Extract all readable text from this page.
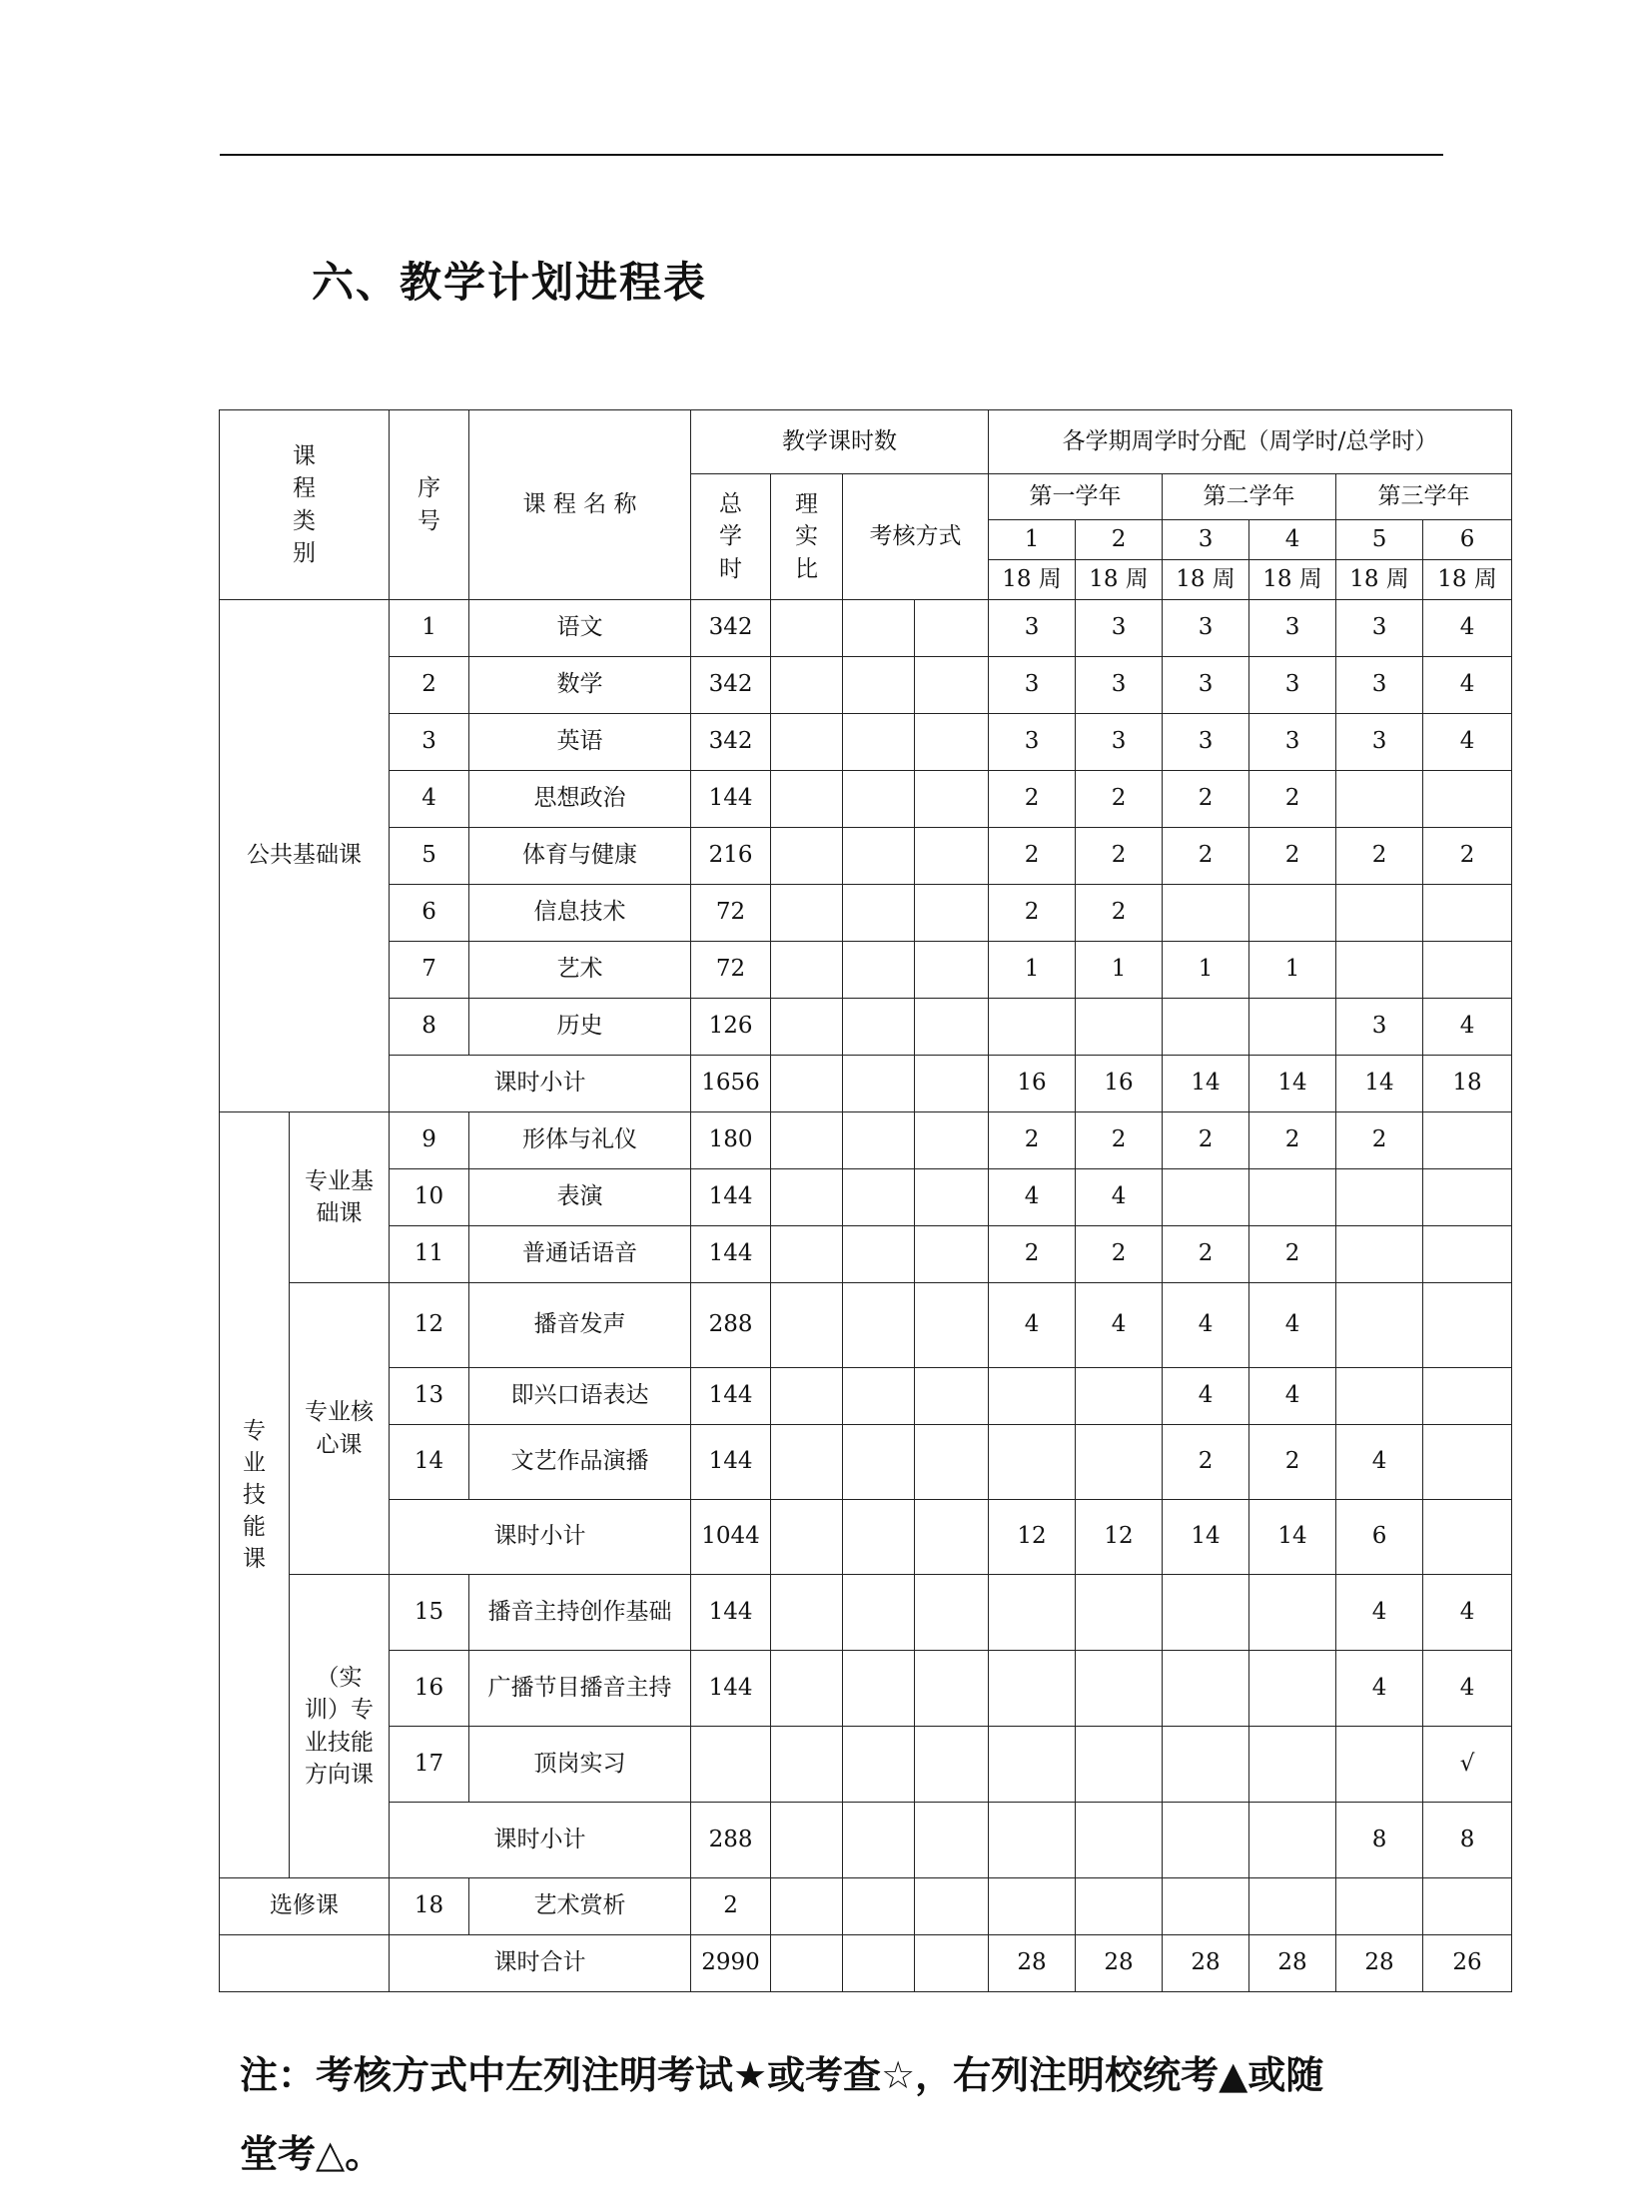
六、教学计划进程表
课程类别		序号	课 程 名 称	教学课时数				各学期周学时分配（周学时/总学时）					
				总学时	理实比	考核方式		第一学年		第二学年		第三学年	
								1	2	3	4	5	6
								18 周	18 周	18 周	18 周	18 周	18 周
公共基础课		1	语文	342				3	3	3	3	3	4
		2	数学	342				3	3	3	3	3	4
		3	英语	342				3	3	3	3	3	4
		4	思想政治	144				2	2	2	2		
		5	体育与健康	216				2	2	2	2	2	2
		6	信息技术	72				2	2				
		7	艺术	72				1	1	1	1		
		8	历史	126								3	4
		课时小计		1656				16	16	14	14	14	18
专业技能课	专业基础课	9	形体与礼仪	180				2	2	2	2	2	
		10	表演	144				4	4				
		11	普通话语音	144				2	2	2	2		
	专业核心课	12	播音发声	288				4	4	4	4		
		13	即兴口语表达	144						4	4		
		14	文艺作品演播	144						2	2	4	
		课时小计		1044				12	12	14	14	6	
	（实训）专业技能 方向课	15	播音主持创作基础	144								4	4
		16	广播节目播音主持	144								4	4
		17	顶岗实习										√
		课时小计		288								8	8
选修课		18	艺术赏析	2									
		课时合计		2990				28	28	28	28	28	26
注：考核方式中左列注明考试★或考查☆，右列注明校统考▲或随
堂考△。
